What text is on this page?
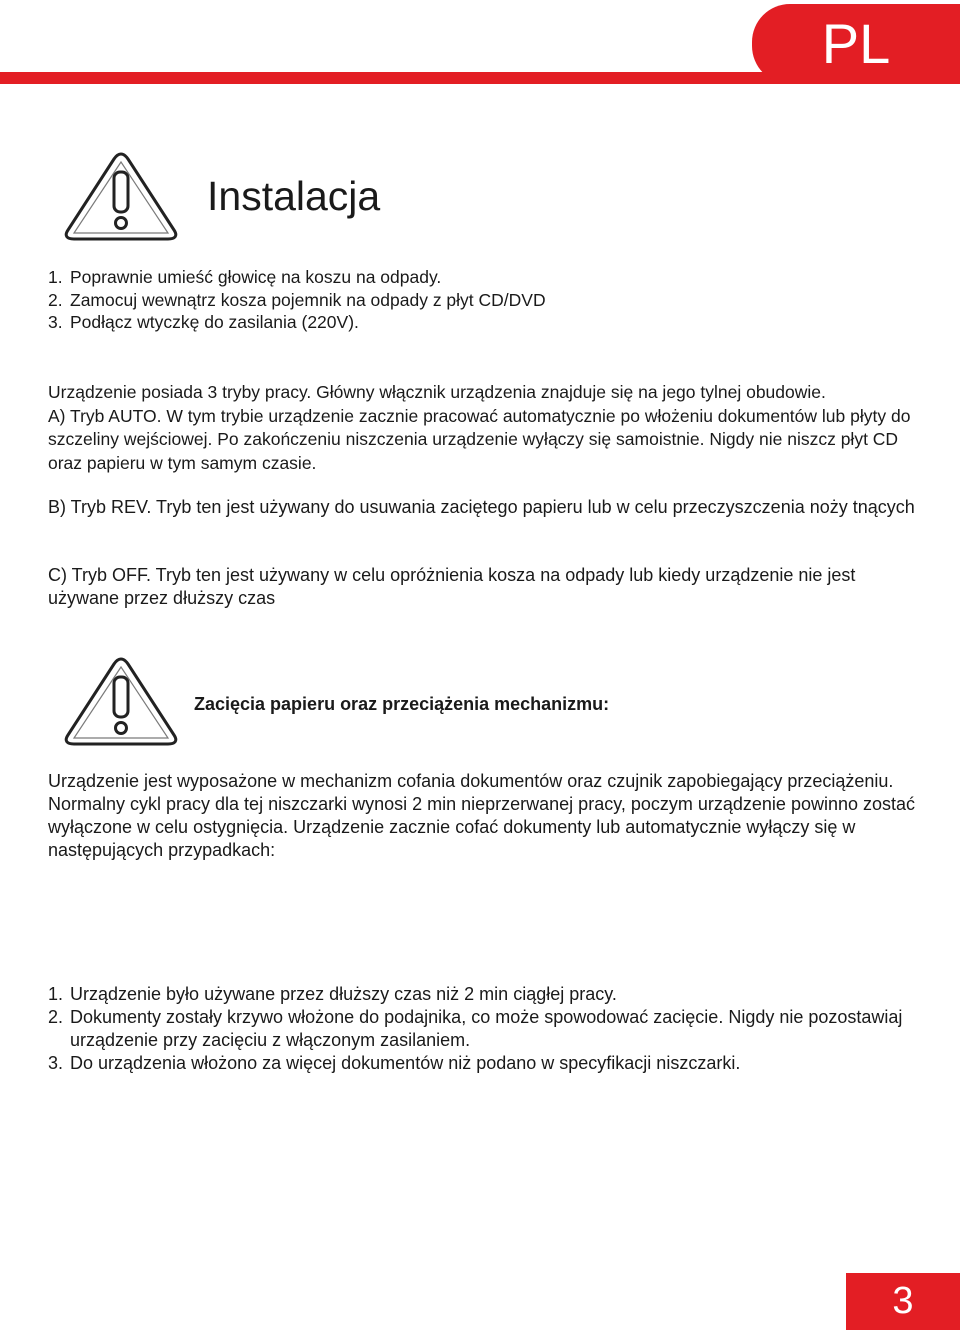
PL
Instalacja
1. Poprawnie umieść głowicę na koszu na odpady.
2. Zamocuj wewnątrz kosza pojemnik na odpady z płyt CD/DVD
3. Podłącz wtyczkę do zasilania (220V).

Urządzenie posiada 3 tryby pracy. Główny włącznik urządzenia znajduje się na jego tylnej obudowie.

A) Tryb AUTO. W tym trybie urządzenie zacznie pracować automatycznie po włożeniu dokumentów lub płyty do szczeliny wejściowej. Po zakończeniu niszczenia urządzenie wyłączy się samoistnie. Nigdy nie niszcz płyt CD oraz papieru w tym samym czasie.

B) Tryb REV. Tryb ten jest używany do usuwania zaciętego papieru lub w celu przeczyszczenia noży tnących

C) Tryb OFF. Tryb ten jest używany w celu opróżnienia kosza na odpady lub kiedy urządzenie nie jest używane przez dłuższy czas

Zacięcia papieru oraz przeciążenia mechanizmu:

Urządzenie jest wyposażone w mechanizm cofania dokumentów oraz czujnik zapobiegający przeciążeniu. Normalny cykl pracy dla tej niszczarki wynosi 2 min nieprzerwanej pracy, poczym urządzenie powinno zostać wyłączone w celu ostygnięcia. Urządzenie zacznie cofać dokumenty lub automatycznie wyłączy się w następujących przypadkach:

1. Urządzenie było używane przez dłuższy czas niż 2 min ciągłej pracy.
2. Dokumenty zostały krzywo włożone do podajnika, co może spowodować zacięcie. Nigdy nie pozostawiaj urządzenie przy zacięciu z włączonym zasilaniem.
3. Do urządzenia włożono za więcej dokumentów niż podano w specyfikacji niszczarki.
3
